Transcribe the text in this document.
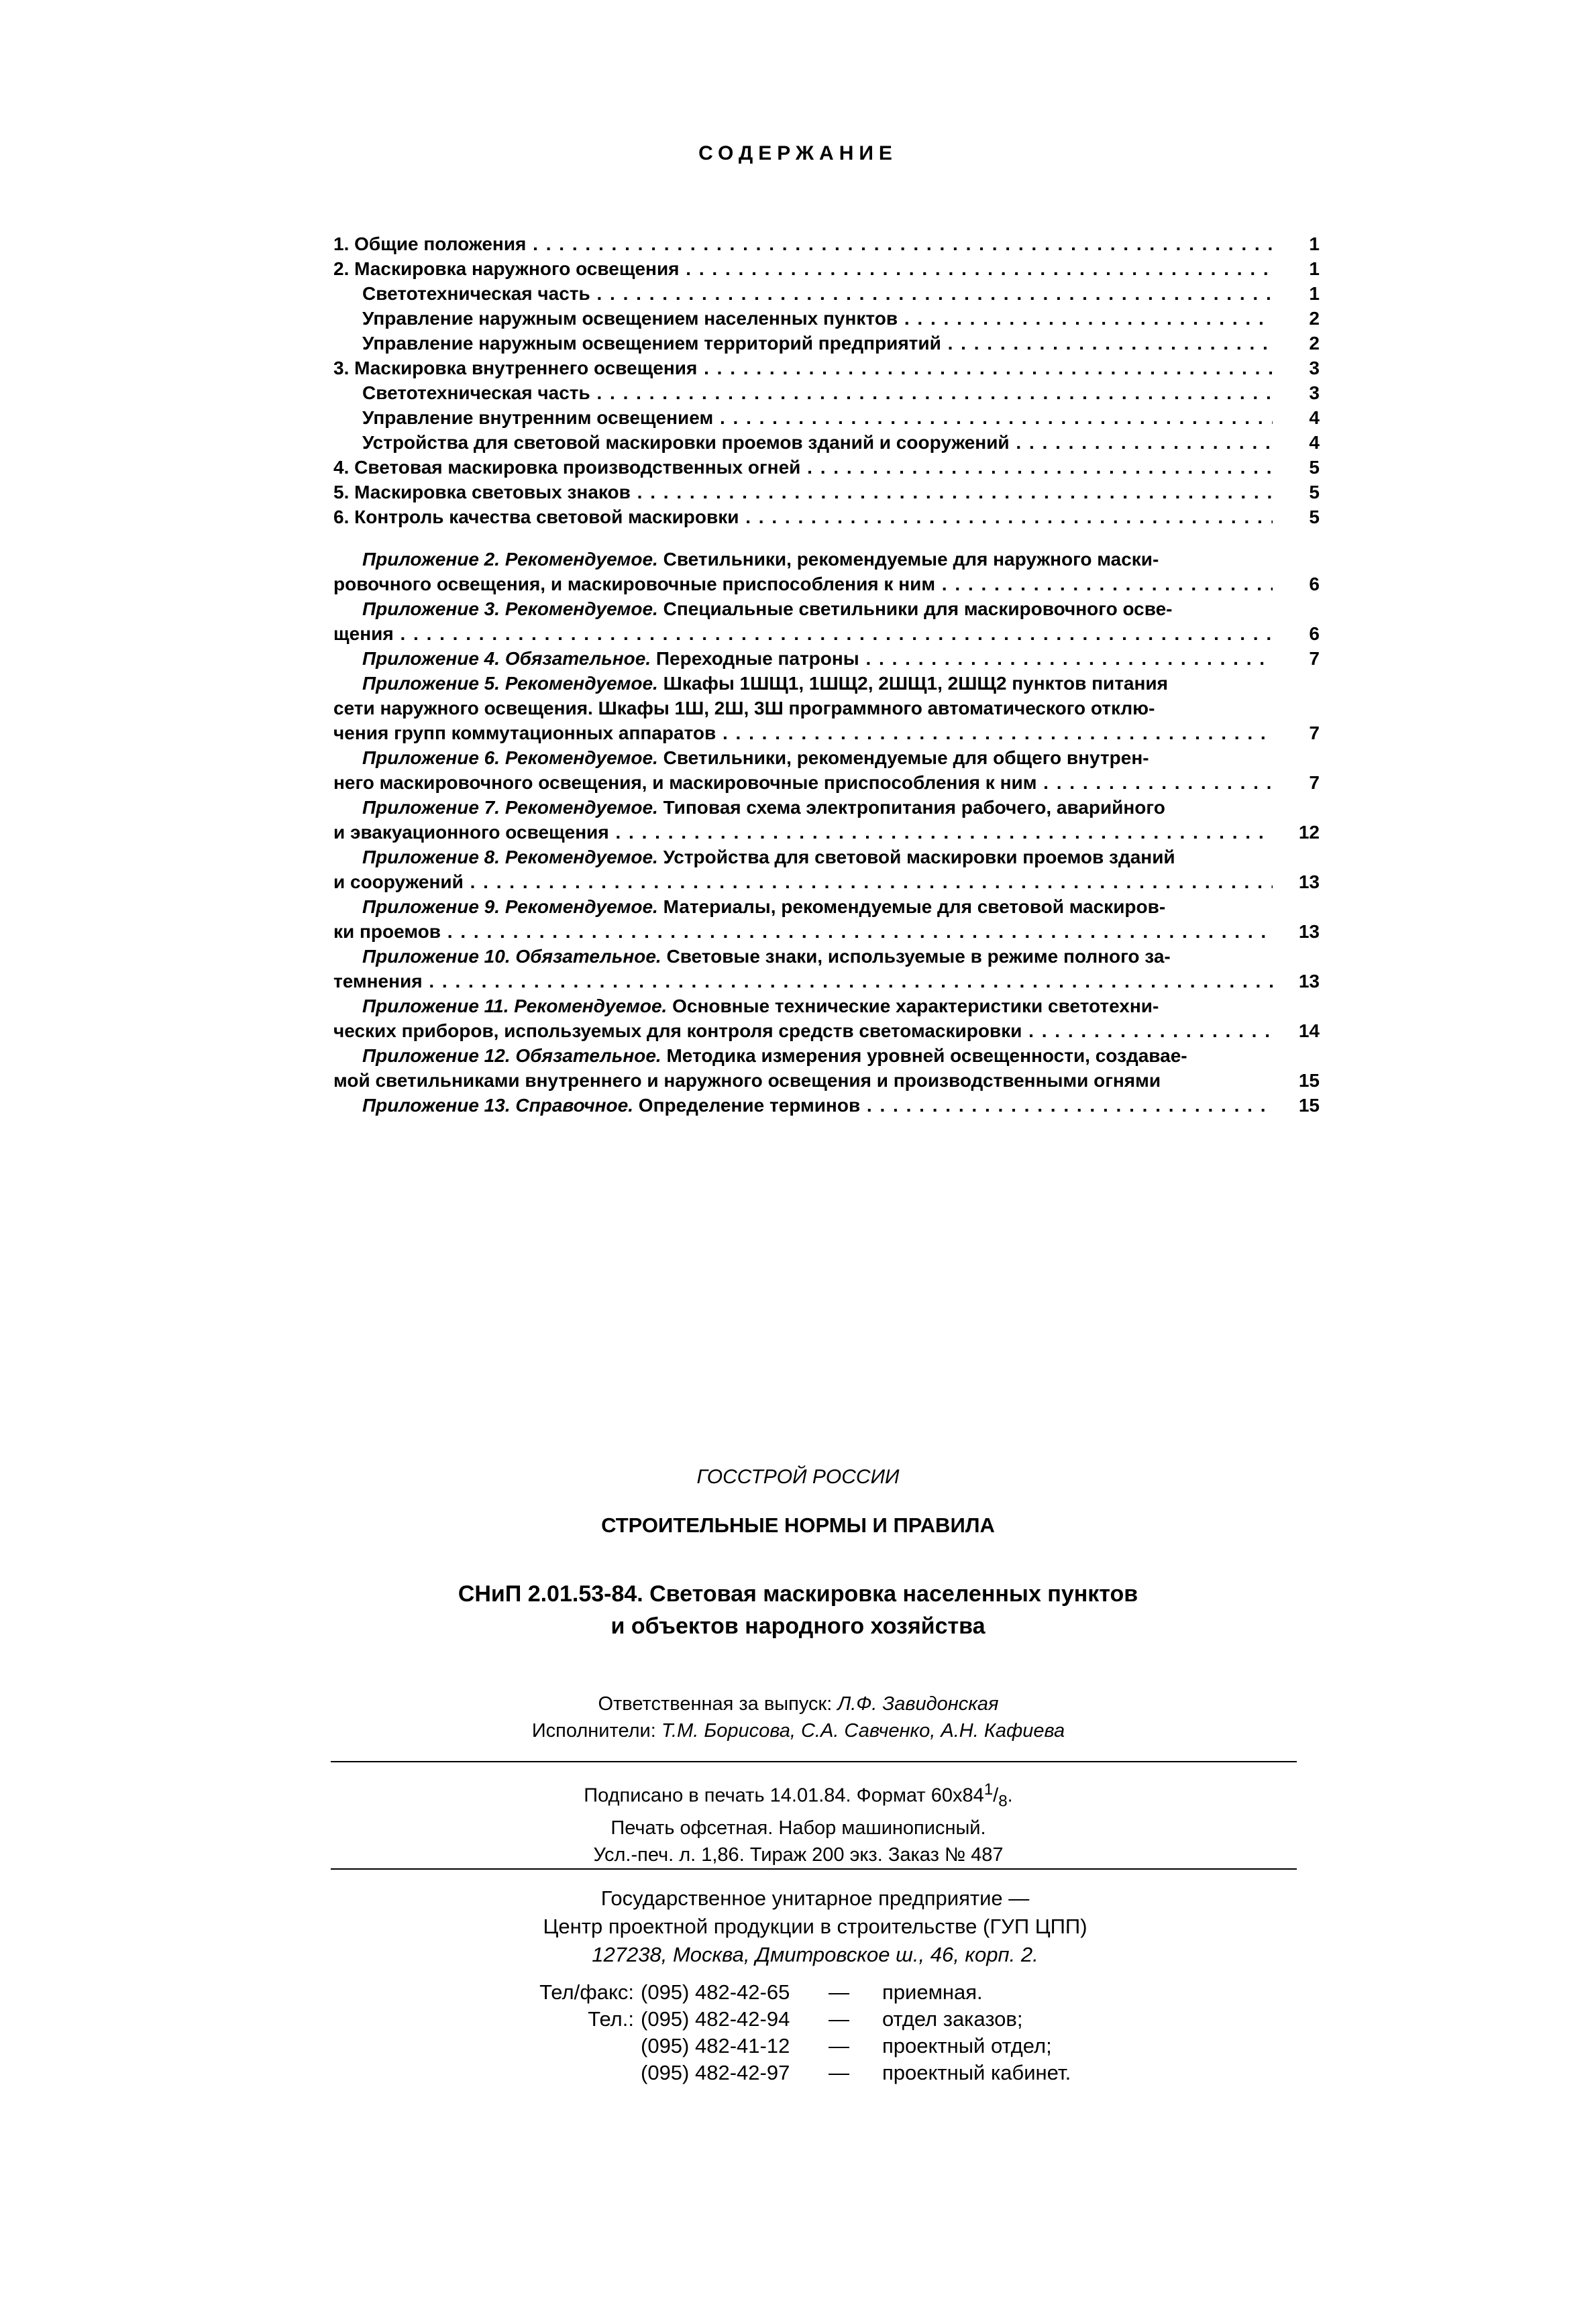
СОДЕРЖАНИЕ
1. Общие положения . . .	1
2. Маскировка наружного освещения . . .	1
Светотехническая часть . . .	1
Управление наружным освещением населенных пунктов . . .	2
Управление наружным освещением территорий предприятий . . .	2
3. Маскировка внутреннего освещения . . .	3
Светотехническая часть . . .	3
Управление внутренним освещением . . .	4
Устройства для световой маскировки проемов зданий и сооружений . . .	4
4. Световая маскировка производственных огней . . .	5
5. Маскировка световых знаков . . .	5
6. Контроль качества световой маскировки . . .	5
Приложение 2. Рекомендуемое. Светильники, рекомендуемые для наружного маски-
ровочного освещения, и маскировочные приспособления к ним . . .	6
Приложение 3. Рекомендуемое. Специальные светильники для маскировочного осве-
щения . . .	6
Приложение 4. Обязательное. Переходные патроны . . .	7
Приложение 5. Рекомендуемое. Шкафы 1ШЩ1, 1ШЩ2, 2ШЩ1, 2ШЩ2 пунктов питания
сети наружного освещения. Шкафы 1Ш, 2Ш, 3Ш программного автоматического отклю-
чения групп коммутационных аппаратов . . .	7
Приложение 6. Рекомендуемое. Светильники, рекомендуемые для общего внутрен-
него маскировочного освещения, и маскировочные приспособления к ним . . .	7
Приложение 7. Рекомендуемое. Типовая схема электропитания рабочего, аварийного
и эвакуационного освещения . . .	12
Приложение 8. Рекомендуемое. Устройства для световой маскировки проемов зданий
и сооружений . . .	13
Приложение 9. Рекомендуемое. Материалы, рекомендуемые для световой маскиров-
ки проемов . . .	13
Приложение 10. Обязательное. Световые знаки, используемые в режиме полного за-
темнения . . .	13
Приложение 11. Рекомендуемое. Основные технические характеристики светотехни-
ческих приборов, используемых для контроля средств светомаскировки . . .	14
Приложение 12. Обязательное. Методика измерения уровней освещенности, создавае-
мой светильниками внутреннего и наружного освещения и производственными огнями	15
Приложение 13. Справочное. Определение терминов . . .	15
ГОССТРОЙ РОССИИ
СТРОИТЕЛЬНЫЕ НОРМЫ И ПРАВИЛА
СНиП 2.01.53-84. Световая маскировка населенных пунктов
и объектов народного хозяйства
Ответственная за выпуск: Л.Ф. Завидонская
Исполнители: Т.М. Борисова, С.А. Савченко, А.Н. Кафиева
Подписано в печать 14.01.84. Формат $60х84^1/_8$.
Печать офсетная. Набор машинописный.
Усл.-печ. л. 1,86. Тираж 200 экз. Заказ № 487
Государственное унитарное предприятие —
Центр проектной продукции в строительстве (ГУП ЦПП)
127238, Москва, Дмитровское ш., 46, корп. 2.
Тел/факс: (095) 482-42-65 — приемная.
Тел.: (095) 482-42-94 — отдел заказов;
(095) 482-41-12 — проектный отдел;
(095) 482-42-97 — проектный кабинет.
